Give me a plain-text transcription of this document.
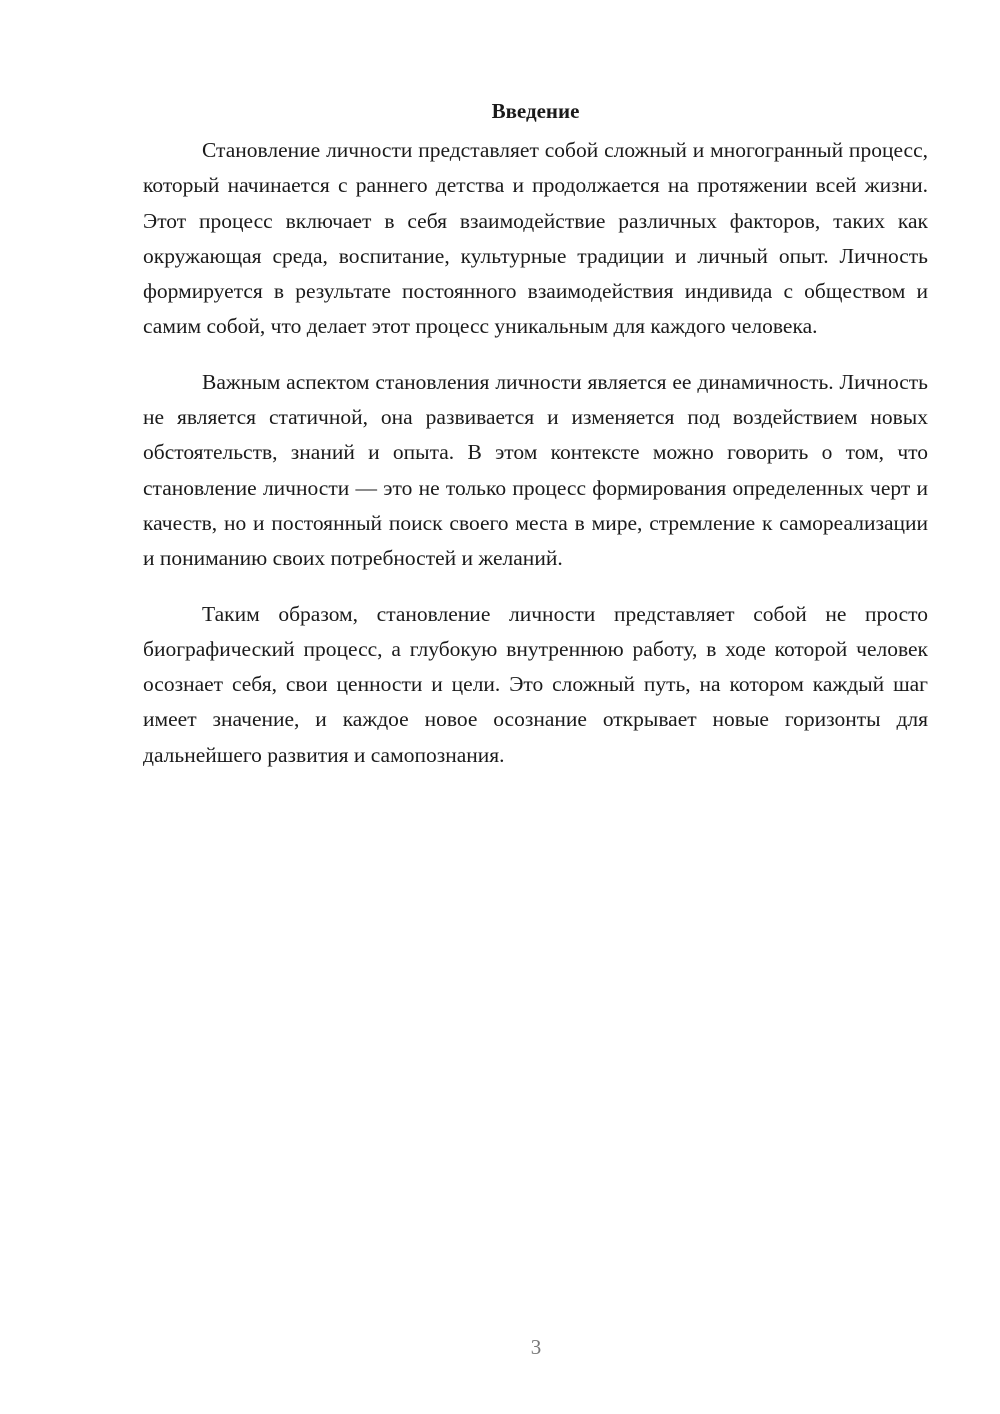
Введение

Становление личности представляет собой сложный и многогранный процесс, который начинается с раннего детства и продолжается на протяжении всей жизни. Этот процесс включает в себя взаимодействие различных факторов, таких как окружающая среда, воспитание, культурные традиции и личный опыт. Личность формируется в результате постоянного взаимодействия индивида с обществом и самим собой, что делает этот процесс уникальным для каждого человека.

Важным аспектом становления личности является ее динамичность. Личность не является статичной, она развивается и изменяется под воздействием новых обстоятельств, знаний и опыта. В этом контексте можно говорить о том, что становление личности — это не только процесс формирования определенных черт и качеств, но и постоянный поиск своего места в мире, стремление к самореализации и пониманию своих потребностей и желаний.

Таким образом, становление личности представляет собой не просто биографический процесс, а глубокую внутреннюю работу, в ходе которой человек осознает себя, свои ценности и цели. Это сложный путь, на котором каждый шаг имеет значение, и каждое новое осознание открывает новые горизонты для дальнейшего развития и самопознания.

3
